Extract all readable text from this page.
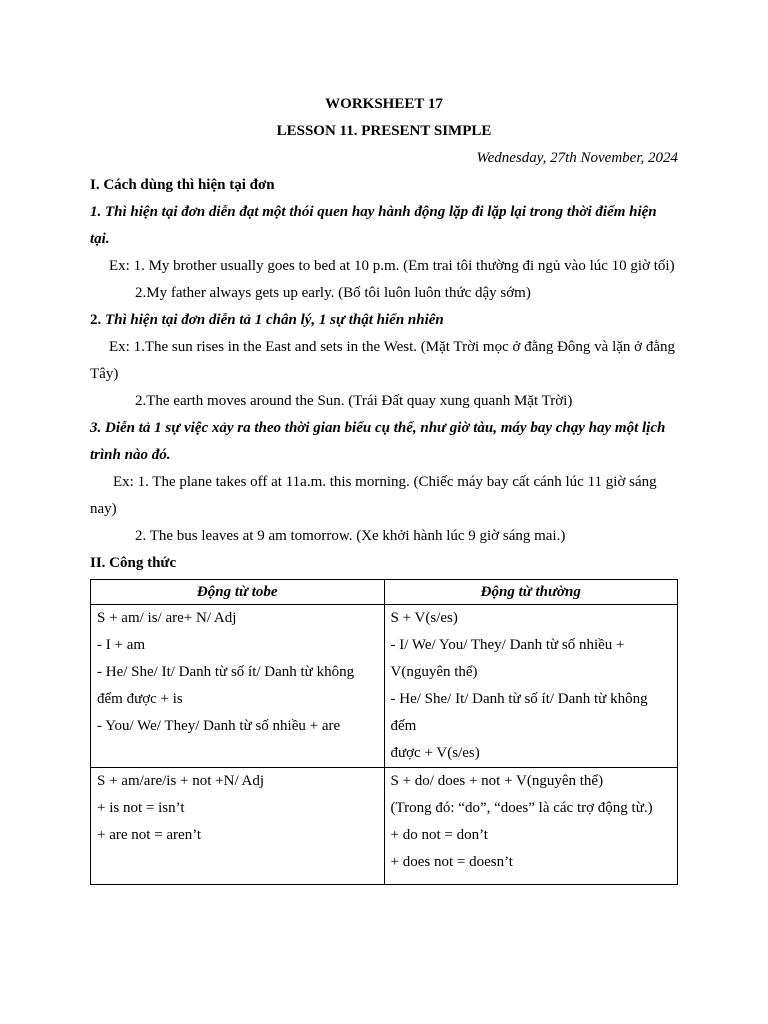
WORKSHEET 17
LESSON 11. PRESENT SIMPLE
Wednesday, 27th November, 2024
I. Cách dùng thì hiện tại đơn
1. Thì hiện tại đơn diễn đạt một thói quen hay hành động lặp đi lặp lại trong thời điểm hiện
tại.
Ex: 1. My brother usually goes to bed at 10 p.m. (Em trai tôi thường đi ngủ vào lúc 10 giờ tối)
2.My father always gets up early. (Bố tôi luôn luôn thức dậy sớm)
2. Thì hiện tại đơn diễn tả 1 chân lý, 1 sự thật hiển nhiên
Ex: 1.The sun rises in the East and sets in the West. (Mặt Trời mọc ở đằng Đông và lặn ở đằng
Tây)
2.The earth moves around the Sun. (Trái Đất quay xung quanh Mặt Trời)
3. Diễn tả 1 sự việc xảy ra theo thời gian biểu cụ thể, như giờ tàu, máy bay chạy hay một lịch
trình nào đó.
Ex: 1. The plane takes off at 11a.m. this morning. (Chiếc máy bay cất cánh lúc 11 giờ sáng
nay)
2. The bus leaves at 9 am tomorrow. (Xe khởi hành lúc 9 giờ sáng mai.)
II. Công thức
Động từ tobe	Động từ thường

S + am/ is/ are+ N/ Adj
- I + am
- He/ She/ It/ Danh từ số ít/ Danh từ không
đếm được + is
- You/ We/ They/ Danh từ số nhiều + are	S + V(s/es)
- I/ We/ You/ They/ Danh từ số nhiều +
V(nguyên thể)
- He/ She/ It/ Danh từ số ít/ Danh từ không đếm
được + V(s/es)

S + am/are/is + not +N/ Adj
+ is not = isn’t
+ are not = aren’t	S + do/ does + not + V(nguyên thể)
(Trong đó: “do”, “does” là các trợ động từ.)
+ do not = don’t
+ does not = doesn’t
